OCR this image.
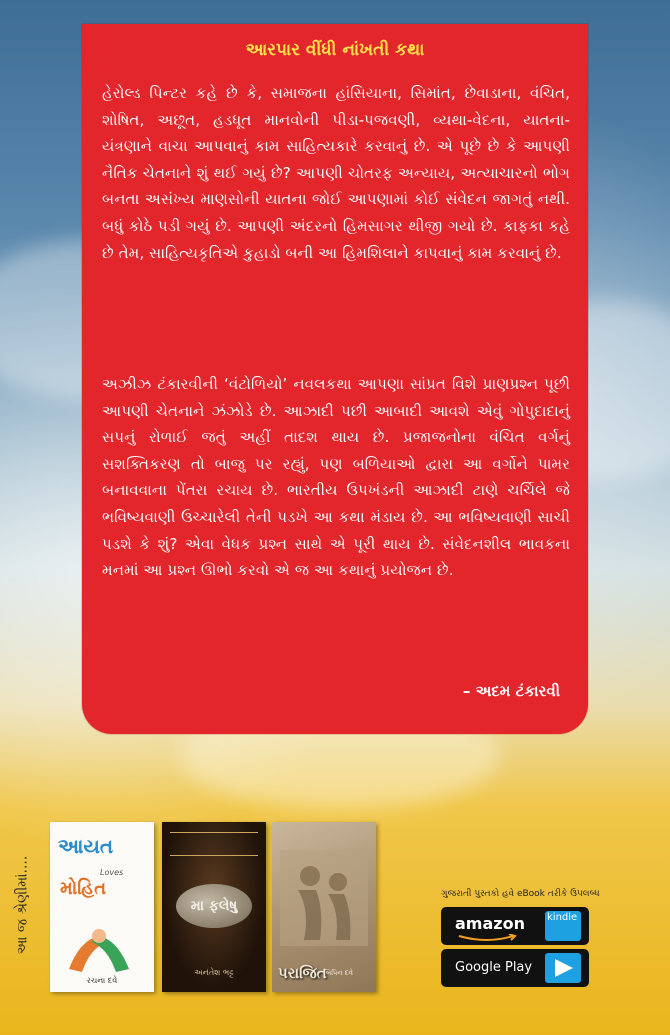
આરપાર વીંધી નાંખતી કથા

હેરોલ્ડ પિન્ટર કહે છે કે, સમાજના હાંસિયાના, સિમાંત, છેવાડાના, વંચિત, શોષિત, અછૂત, હડધૂત માનવોની પીડા-પજવણી, વ્યથા-વેદના, યાતના-યંત્રણાને વાચા આપવાનું કામ સાહિત્યકારે કરવાનું છે. એ પૂછે છે કે આપણી નૈતિક ચેતનાને શું થઈ ગયું છે? આપણી ચોતરફ અન્યાય, અત્યાચારનો ભોગ બનતા અસંખ્ય માણસોની યાતના જોઈ આપણામાં કોઈ સંવેદન જાગતું નથી. બધું કોઠે પડી ગયું છે. આપણી અંદરનો હિમસાગર થીજી ગયો છે. કાફકા કહે છે તેમ, સાહિત્યકૃતિએ કુહાડો બની આ હિમશિલાને કાપવાનું કામ કરવાનું છે.

અઝીઝ ટંકારવીની ‘વંટોળિયો’ નવલકથા આપણા સાંપ્રત વિશે પ્રાણપ્રશ્ન પૂછી આપણી ચેતનાને ઝંઝોડે છે. આઝાદી પછી આબાદી આવશે એવું ગોપુદાદાનું સપનું રોળાઈ જતું અહીં તાદશ થાય છે. પ્રજાજનોના વંચિત વર્ગનું સશક્તિકરણ તો બાજુ પર રહ્યું, પણ બળિયાઓ દ્વારા આ વર્ગોને પામર બનાવવાના પેંતરા રચાય છે. ભારતીય ઉપખંડની આઝાદી ટાણે ચર્ચિલે જે ભવિષ્યવાણી ઉચ્ચારેલી તેની પડખે આ કથા મંડાય છે. આ ભવિષ્યવાણી સાચી પડશે કે શું? એવા વેધક પ્રશ્ન સાથે એ પૂરી થાય છે. સંવેદનશીલ ભાવકના મનમાં આ પ્રશ્ન ઊભો કરવો એ જ આ કથાનું પ્રયોજન છે.

– અદમ ટંકારવી
આ જ શ્રેણીમાં....
આયત
Loves
મોહિત
રચના દવે
મા ફલેષુ
અનંતેશ ભટ્ટ	પરાજિત
બિપિન દવે
ગુજરાતી પુસ્તકો હવે eBook તરીકે ઉપલબ્ધ
amazon kindle
Google Play
